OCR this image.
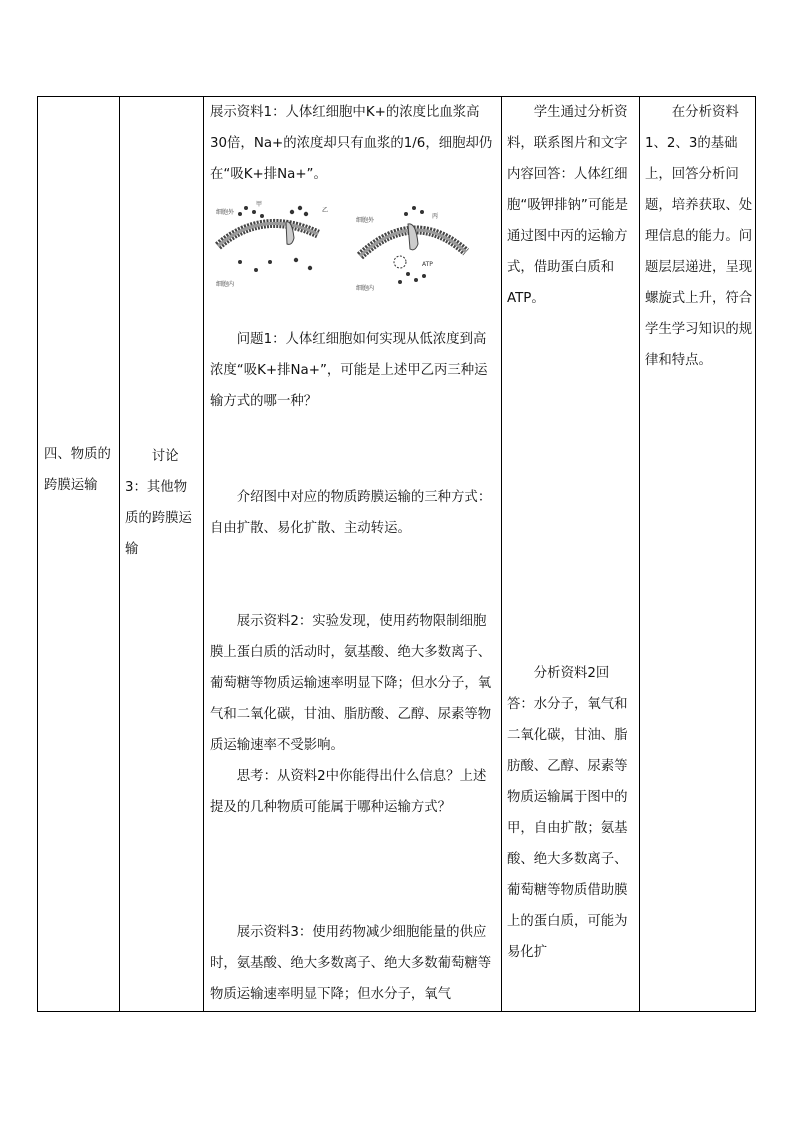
四、物质的跨膜运输

讨论3：其他物质的跨膜运输

展示资料1：人体红细胞中K+的浓度比血浆高30倍，Na+的浓度却只有血浆的1/6，细胞却仍在“吸K+排Na+”。

细胞外
细胞内
甲
乙
细胞外
细胞内
丙
ATP

问题1：人体红细胞如何实现从低浓度到高浓度“吸K+排Na+”，可能是上述甲乙丙三种运输方式的哪一种？

介绍图中对应的物质跨膜运输的三种方式：自由扩散、易化扩散、主动转运。

展示资料2：实验发现，使用药物限制细胞膜上蛋白质的活动时，氨基酸、绝大多数离子、葡萄糖等物质运输速率明显下降；但水分子，氧气和二氧化碳，甘油、脂肪酸、乙醇、尿素等物质运输速率不受影响。

思考：从资料2中你能得出什么信息？上述提及的几种物质可能属于哪种运输方式？

展示资料3：使用药物减少细胞能量的供应时，氨基酸、绝大多数离子、绝大多数葡萄糖等物质运输速率明显下降；但水分子，氧气

学生通过分析资料，联系图片和文字内容回答：人体红细胞“吸钾排钠”可能是通过图中丙的运输方式，借助蛋白质和ATP。

分析资料2回答：水分子，氧气和二氧化碳，甘油、脂肪酸、乙醇、尿素等物质运输属于图中的甲，自由扩散；氨基酸、绝大多数离子、葡萄糖等物质借助膜上的蛋白质，可能为易化扩

在分析资料1、2、3的基础上，回答分析问题，培养获取、处理信息的能力。问题层层递进，呈现螺旋式上升，符合学生学习知识的规律和特点。
